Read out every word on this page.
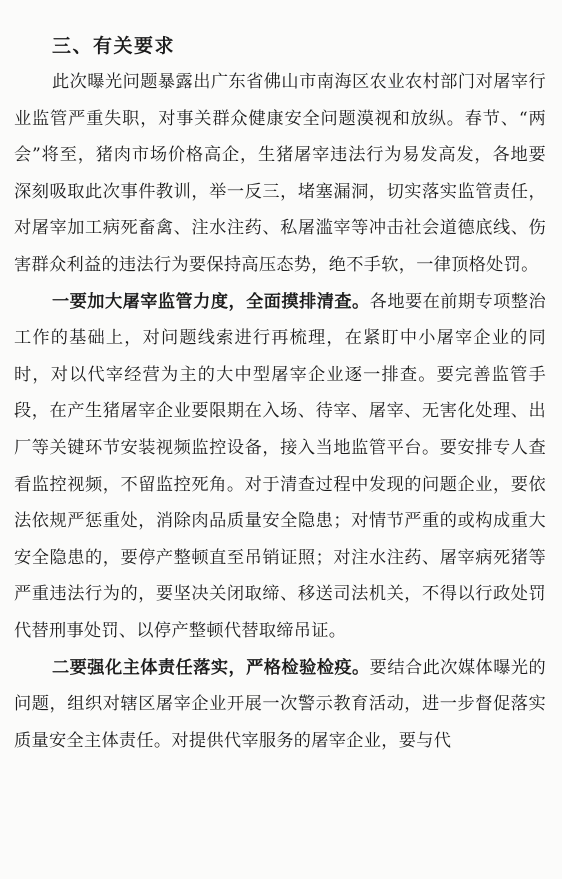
三、有关要求

此次曝光问题暴露出广东省佛山市南海区农业农村部门对屠宰行业监管严重失职，对事关群众健康安全问题漠视和放纵。春节、“两会”将至，猪肉市场价格高企，生猪屠宰违法行为易发高发，各地要深刻吸取此次事件教训，举一反三，堵塞漏洞，切实落实监管责任，对屠宰加工病死畜禽、注水注药、私屠滥宰等冲击社会道德底线、伤害群众利益的违法行为要保持高压态势，绝不手软，一律顶格处罚。

一要加大屠宰监管力度，全面摸排清查。各地要在前期专项整治工作的基础上，对问题线索进行再梳理，在紧盯中小屠宰企业的同时，对以代宰经营为主的大中型屠宰企业逐一排查。要完善监管手段，在产生猪屠宰企业要限期在入场、待宰、屠宰、无害化处理、出厂等关键环节安装视频监控设备，接入当地监管平台。要安排专人查看监控视频，不留监控死角。对于清查过程中发现的问题企业，要依法依规严惩重处，消除肉品质量安全隐患；对情节严重的或构成重大安全隐患的，要停产整顿直至吊销证照；对注水注药、屠宰病死猪等严重违法行为的，要坚决关闭取缔、移送司法机关，不得以行政处罚代替刑事处罚、以停产整顿代替取缔吊证。

二要强化主体责任落实，严格检验检疫。要结合此次媒体曝光的问题，组织对辖区屠宰企业开展一次警示教育活动，进一步督促落实质量安全主体责任。对提供代宰服务的屠宰企业，要与代
